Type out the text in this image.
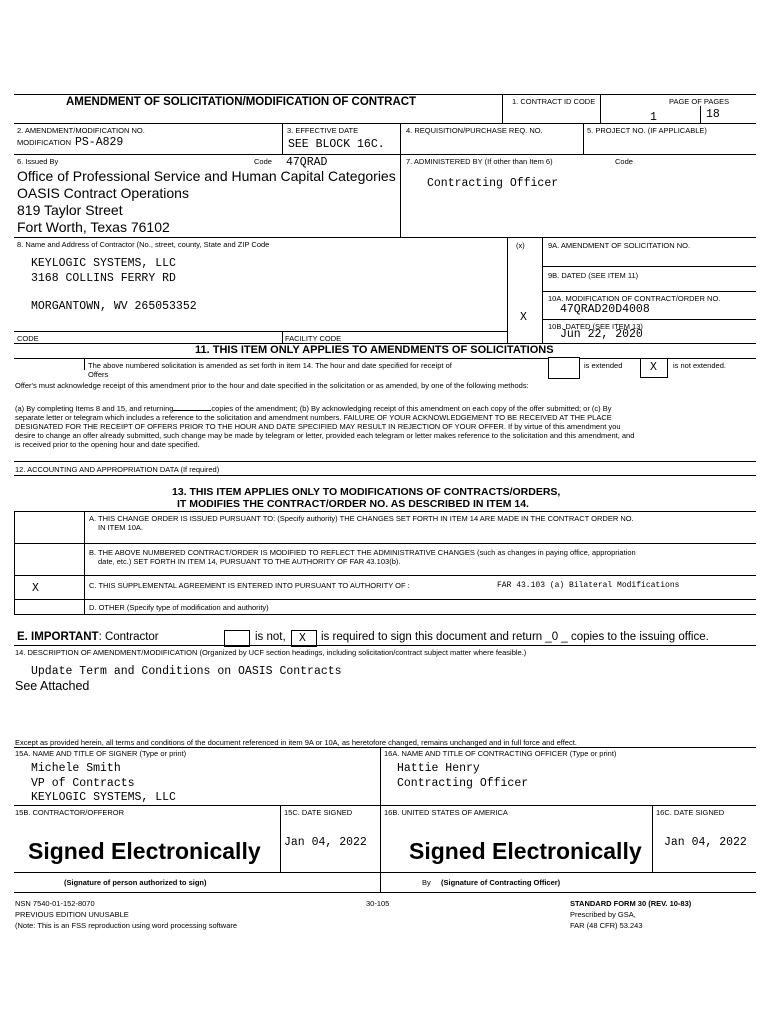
AMENDMENT OF SOLICITATION/MODIFICATION OF CONTRACT	1. CONTRACT ID CODE	PAGE OF PAGES
1	18
2. AMENDMENT/MODIFICATION NO.
MODIFICATION PS-A829
3. EFFECTIVE DATE
SEE BLOCK 16C.
4. REQUISITION/PURCHASE REQ. NO.	5. PROJECT NO. (IF APPLICABLE)
6. Issued By	Code 47QRAD
Office of Professional Service and Human Capital Categories
OASIS Contract Operations
819 Taylor Street
Fort Worth, Texas 76102
7. ADMINISTERED BY (If other than Item 6)	Code
Contracting Officer
8. Name and Address of Contractor (No., street, county, State and ZIP Code
KEYLOGIC SYSTEMS, LLC
3168 COLLINS FERRY RD
MORGANTOWN, WV 265053352
(x)	9A. AMENDMENT OF SOLICITATION NO.
9B. DATED (SEE ITEM 11)
10A. MODIFICATION OF CONTRACT/ORDER NO.
47QRAD20D4008
X
10B. DATED (SEE ITEM 13)
Jun 22, 2020
CODE	FACILITY CODE
11. THIS ITEM ONLY APPLIES TO AMENDMENTS OF SOLICITATIONS
The above numbered solicitation is amended as set forth in item 14. The hour and date specified for receipt of
Offers
is extended X is not extended.
Offer's must acknowledge receipt of this amendment prior to the hour and date specified in the solicitation or as amended, by one of the following methods:
(a) By completing Items 8 and 15, and returning	copies of the amendment; (b) By acknowledging receipt of this amendment on each copy of the offer submitted; or (c) By
separate letter or telegram which includes a reference to the solicitation and amendment numbers. FAILURE OF YOUR ACKNOWLEDGEMENT TO BE RECEIVED AT THE PLACE
DESIGNATED FOR THE RECEIPT OF OFFERS PRIOR TO THE HOUR AND DATE SPECIFIED MAY RESULT IN REJECTION OF YOUR OFFER. If by virtue of this amendment you
desire to change an offer already submitted, such change may be made by telegram or letter, provided each telegram or letter makes reference to the solicitation and this amendment, and
is received prior to the opening hour and date specified.
12. ACCOUNTING AND APPROPRIATION DATA (If required)
13. THIS ITEM APPLIES ONLY TO MODIFICATIONS OF CONTRACTS/ORDERS,
IT MODIFIES THE CONTRACT/ORDER NO. AS DESCRIBED IN ITEM 14.
A. THIS CHANGE ORDER IS ISSUED PURSUANT TO: (Specify authority) THE CHANGES SET FORTH IN ITEM 14 ARE MADE IN THE CONTRACT ORDER NO.
IN ITEM 10A.
B. THE ABOVE NUMBERED CONTRACT/ORDER IS MODIFIED TO REFLECT THE ADMINISTRATIVE CHANGES (such as changes in paying office, appropriation
date, etc.) SET FORTH IN ITEM 14, PURSUANT TO THE AUTHORITY OF FAR 43.103(b).
X	C. THIS SUPPLEMENTAL AGREEMENT IS ENTERED INTO PURSUANT TO AUTHORITY OF :	FAR 43.103 (a) Bilateral Modifications
D. OTHER (Specify type of modification and authority)
E. IMPORTANT: Contractor	is not, X is required to sign this document and return _0 _ copies to the issuing office.
14. DESCRIPTION OF AMENDMENT/MODIFICATION (Organized by UCF section headings, including solicitation/contract subject matter where feasible.)
Update Term and Conditions on OASIS Contracts
See Attached
Except as provided herein, all terms and conditions of the document referenced in item 9A or 10A, as heretofore changed, remains unchanged and in full force and effect.
15A. NAME AND TITLE OF SIGNER (Type or print)
Michele Smith
VP of Contracts
KEYLOGIC SYSTEMS, LLC
16A. NAME AND TITLE OF CONTRACTING OFFICER (Type or print)
Hattie Henry
Contracting Officer
15B. CONTRACTOR/OFFEROR	15C. DATE SIGNED	16B. UNITED STATES OF AMERICA	16C. DATE SIGNED
Signed Electronically Jan 04, 2022 Signed Electronically Jan 04, 2022
(Signature of person authorized to sign)	By (Signature of Contracting Officer)
NSN 7540-01-152-8070
PREVIOUS EDITION UNUSABLE
(Note: This is an FSS reproduction using word processing software
30-105	STANDARD FORM 30 (REV. 10-83)
Prescribed by GSA,
FAR (48 CFR) 53.243
